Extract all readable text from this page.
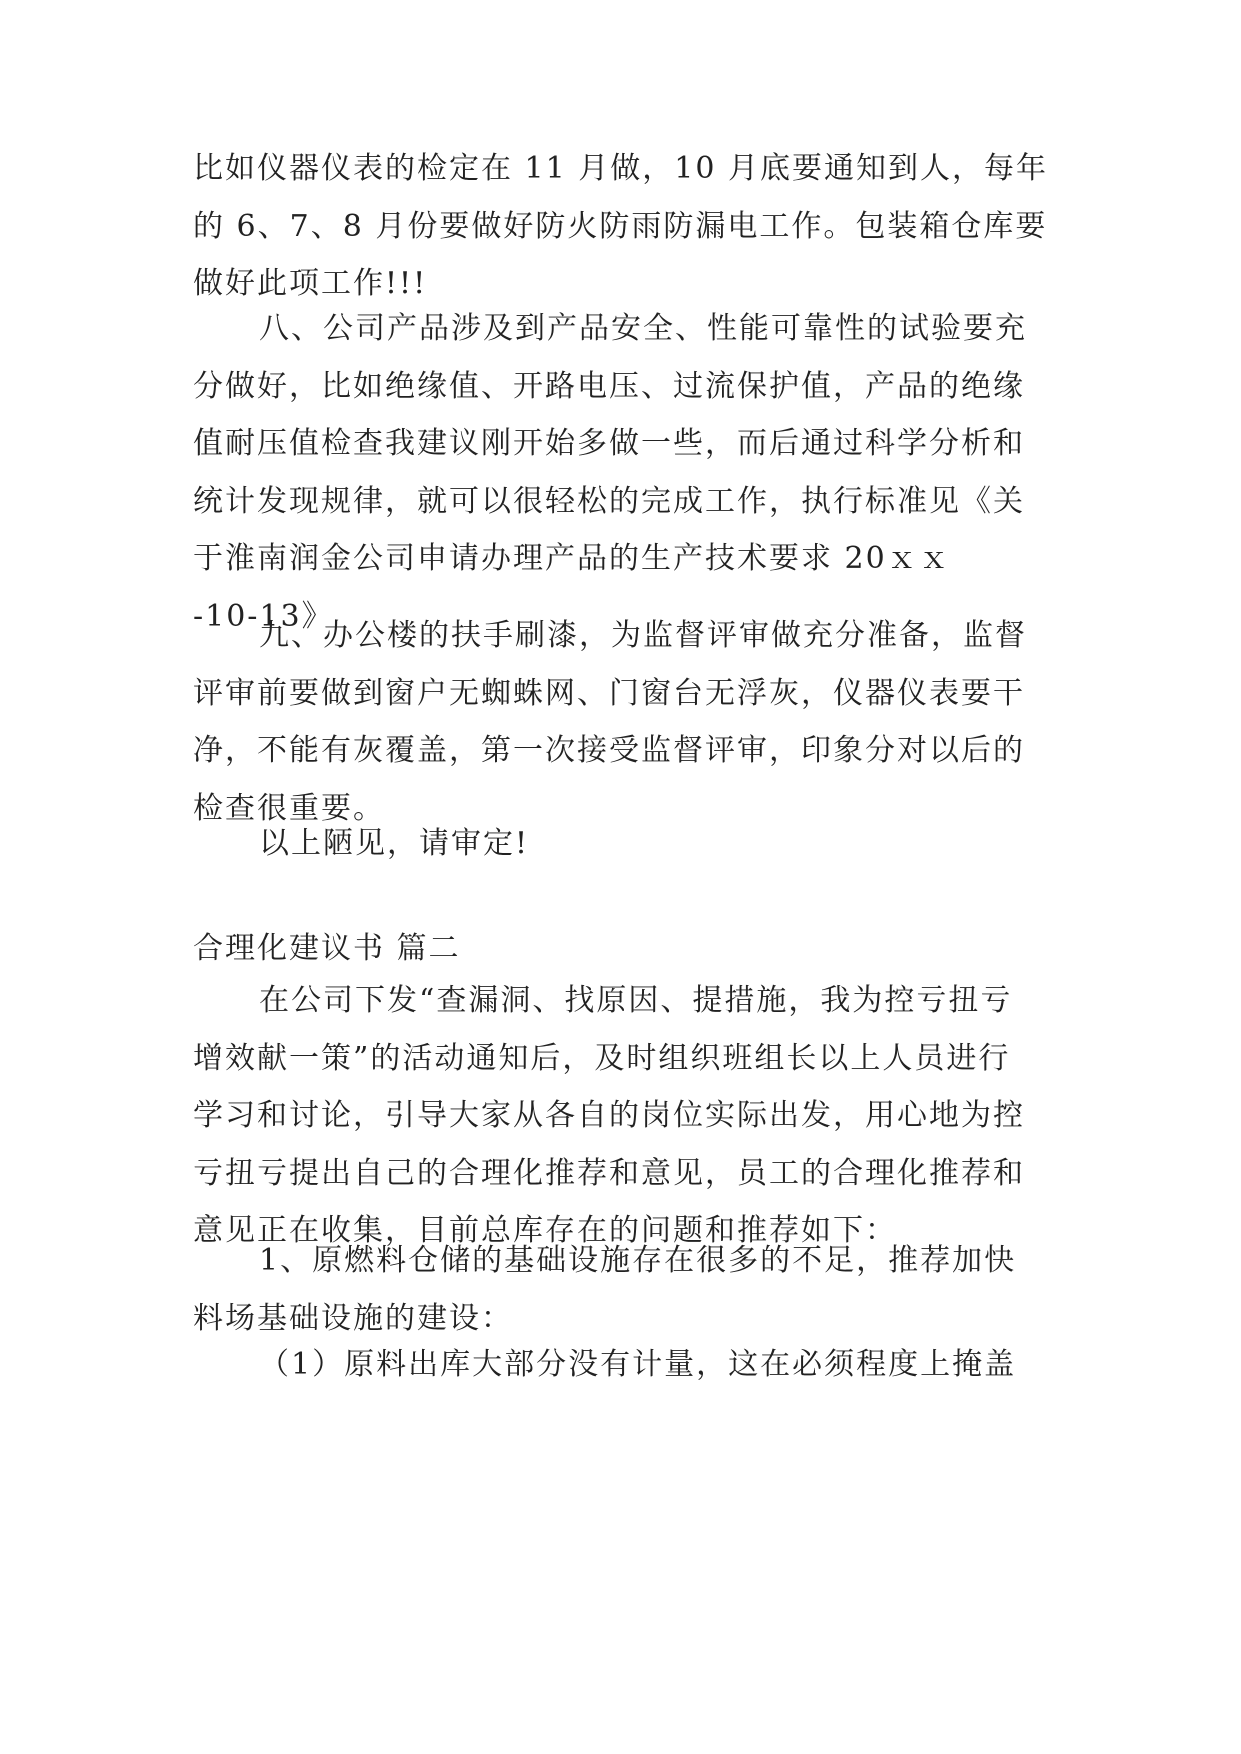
比如仪器仪表的检定在 11 月做，10 月底要通知到人，每年
的 6、7、8 月份要做好防火防雨防漏电工作。包装箱仓库要
做好此项工作!!!
八、公司产品涉及到产品安全、性能可靠性的试验要充
分做好，比如绝缘值、开路电压、过流保护值，产品的绝缘
值耐压值检查我建议刚开始多做一些，而后通过科学分析和
统计发现规律，就可以很轻松的完成工作，执行标准见《关
于淮南润金公司申请办理产品的生产技术要求 20ｘｘ
-10-13》
九、办公楼的扶手刷漆，为监督评审做充分准备，监督
评审前要做到窗户无蜘蛛网、门窗台无浮灰，仪器仪表要干
净，不能有灰覆盖，第一次接受监督评审，印象分对以后的
检查很重要。
以上陋见，请审定!
合理化建议书 篇二
在公司下发“查漏洞、找原因、提措施，我为控亏扭亏
增效献一策”的活动通知后，及时组织班组长以上人员进行
学习和讨论，引导大家从各自的岗位实际出发，用心地为控
亏扭亏提出自己的合理化推荐和意见，员工的合理化推荐和
意见正在收集，目前总库存在的问题和推荐如下：
1、原燃料仓储的基础设施存在很多的不足，推荐加快
料场基础设施的建设：
（1）原料出库大部分没有计量，这在必须程度上掩盖
